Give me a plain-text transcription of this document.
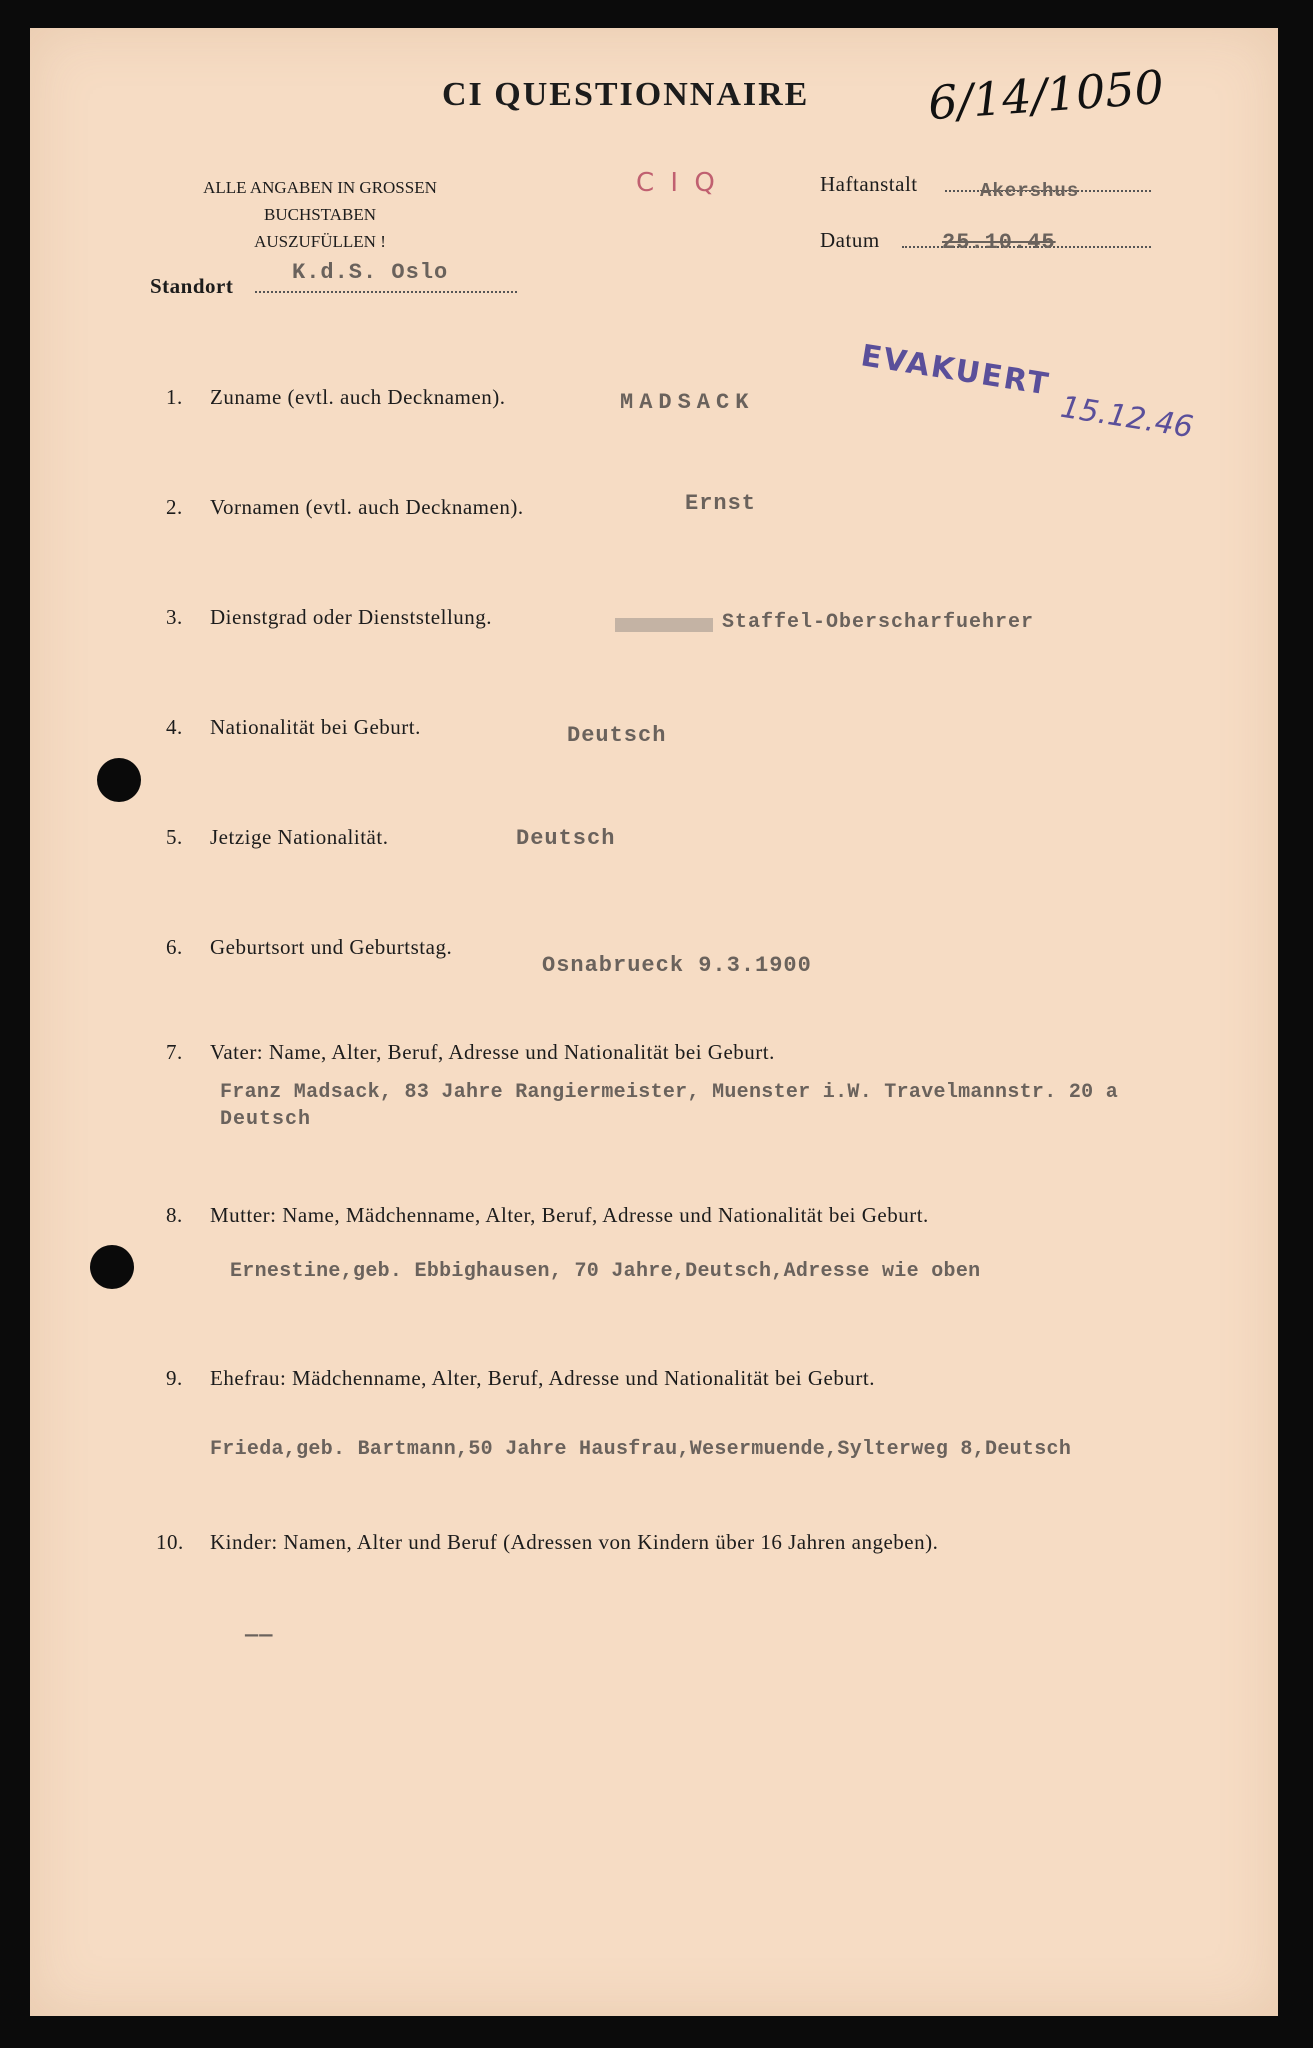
CI QUESTIONNAIRE	6/14/1050
ALLE ANGABEN IN GROSSEN BUCHSTABEN
AUSZUFÜLLEN !
C I Q	Haftanstalt	Akershus
Datum	25.10.45
Standort
K.d.S. Oslo
EVAKUERT
15.12.46
1. Zuname (evtl. auch Decknamen).	MADSACK
2. Vornamen (evtl. auch Decknamen).	Ernst
3. Dienstgrad oder Dienststellung.	Staffel-Oberscharfuehrer
4. Nationalität bei Geburt.	Deutsch
5. Jetzige Nationalität.	Deutsch
6. Geburtsort und Geburtstag.
Osnabrueck 9.3.1900
7. Vater: Name, Alter, Beruf, Adresse und Nationalität bei Geburt.
Franz Madsack, 83 Jahre Rangiermeister, Muenster i.W. Travelmannstr. 20 a
Deutsch
8. Mutter: Name, Mädchenname, Alter, Beruf, Adresse und Nationalität bei Geburt.
Ernestine,geb. Ebbighausen, 70 Jahre,Deutsch,Adresse wie oben
9. Ehefrau: Mädchenname, Alter, Beruf, Adresse und Nationalität bei Geburt.
Frieda,geb. Bartmann,50 Jahre Hausfrau,Wesermuende,Sylterweg 8,Deutsch
10. Kinder: Namen, Alter und Beruf (Adressen von Kindern über 16 Jahren angeben).
——
